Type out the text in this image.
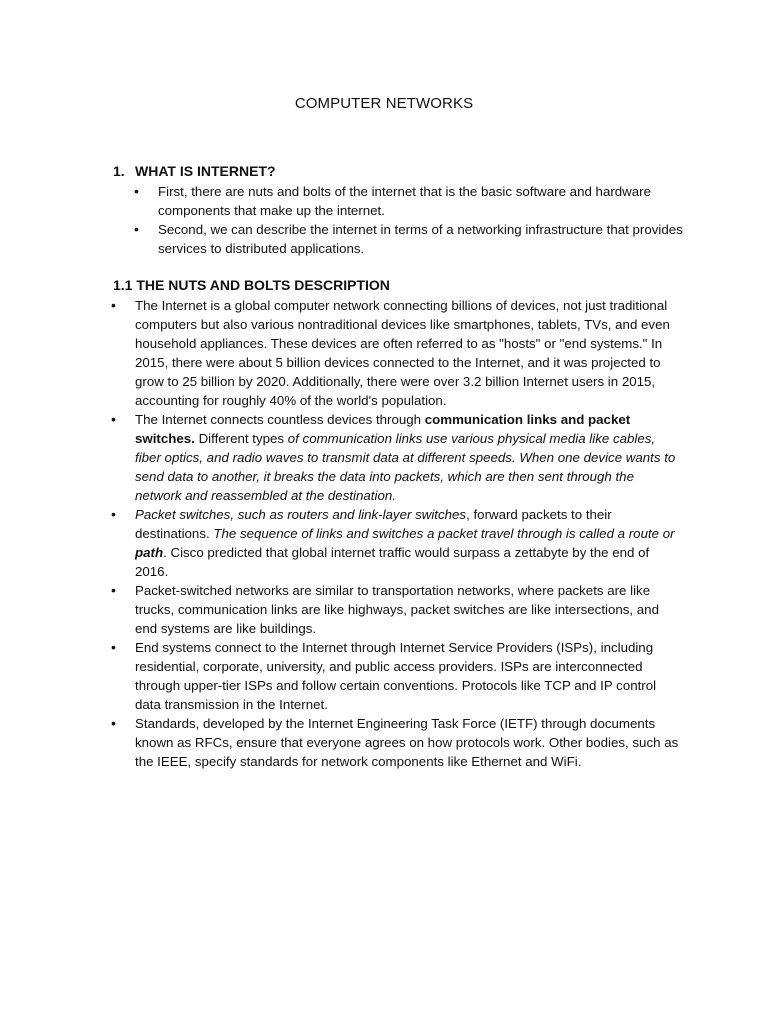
COMPUTER NETWORKS
1. WHAT IS INTERNET?
• First, there are nuts and bolts of the internet that is the basic software and hardware components that make up the internet.
• Second, we can describe the internet in terms of a networking infrastructure that provides services to distributed applications.
1.1 THE NUTS AND BOLTS DESCRIPTION
• The Internet is a global computer network connecting billions of devices, not just traditional computers but also various nontraditional devices like smartphones, tablets, TVs, and even household appliances. These devices are often referred to as "hosts" or "end systems." In 2015, there were about 5 billion devices connected to the Internet, and it was projected to grow to 25 billion by 2020. Additionally, there were over 3.2 billion Internet users in 2015, accounting for roughly 40% of the world's population.
• The Internet connects countless devices through communication links and packet switches. Different types of communication links use various physical media like cables, fiber optics, and radio waves to transmit data at different speeds. When one device wants to send data to another, it breaks the data into packets, which are then sent through the network and reassembled at the destination.
• Packet switches, such as routers and link-layer switches, forward packets to their destinations. The sequence of links and switches a packet travel through is called a route or path. Cisco predicted that global internet traffic would surpass a zettabyte by the end of 2016.
• Packet-switched networks are similar to transportation networks, where packets are like trucks, communication links are like highways, packet switches are like intersections, and end systems are like buildings.
• End systems connect to the Internet through Internet Service Providers (ISPs), including residential, corporate, university, and public access providers. ISPs are interconnected through upper-tier ISPs and follow certain conventions. Protocols like TCP and IP control data transmission in the Internet.
• Standards, developed by the Internet Engineering Task Force (IETF) through documents known as RFCs, ensure that everyone agrees on how protocols work. Other bodies, such as the IEEE, specify standards for network components like Ethernet and WiFi.
